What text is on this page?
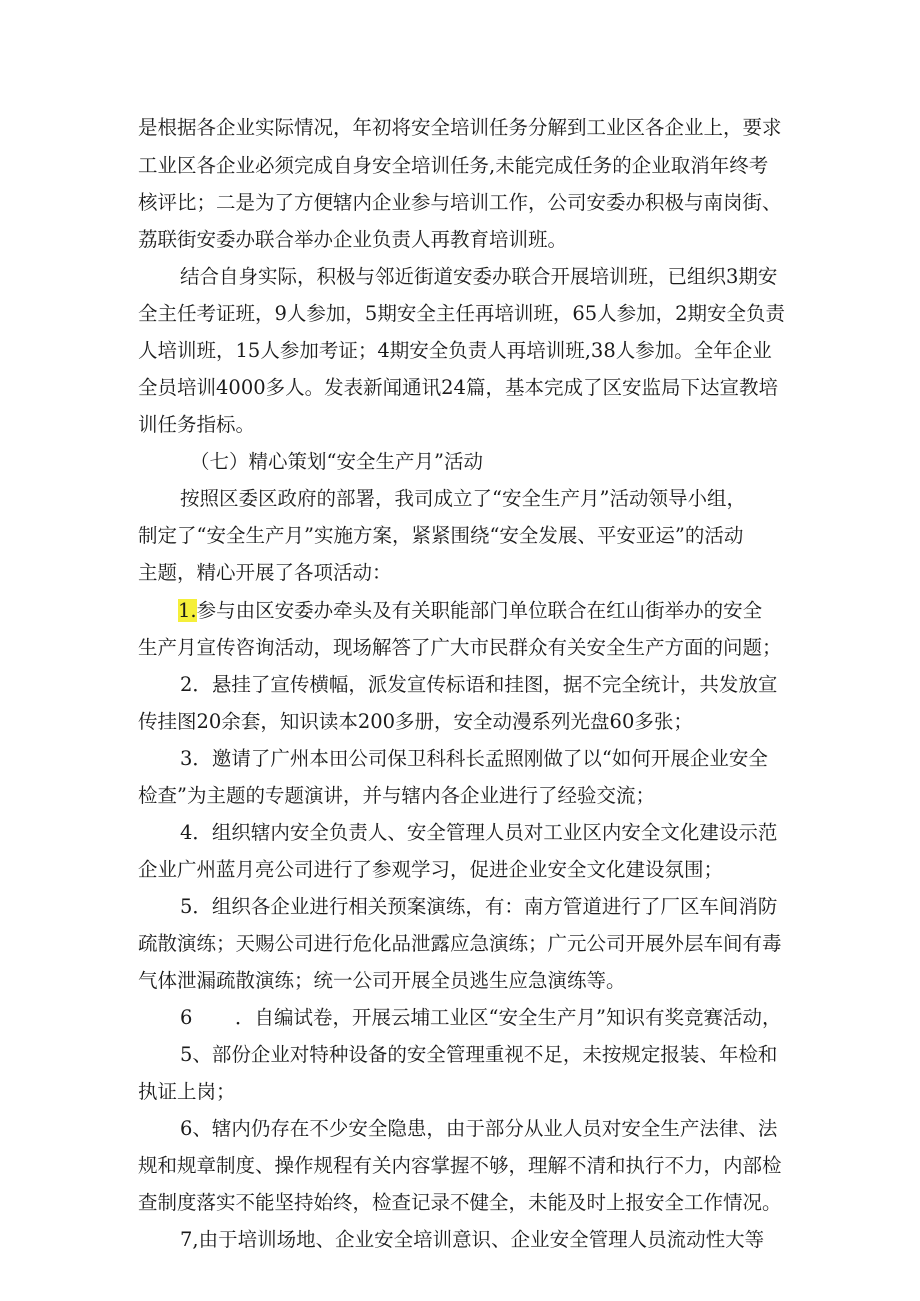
是根据各企业实际情况，年初将安全培训任务分解到工业区各企业上，要求
工业区各企业必须完成自身安全培训任务,未能完成任务的企业取消年终考
核评比；二是为了方便辖内企业参与培训工作，公司安委办积极与南岗街、
荔联街安委办联合举办企业负责人再教育培训班。
结合自身实际，积极与邻近街道安委办联合开展培训班，已组织3期安
全主任考证班，9人参加，5期安全主任再培训班，65人参加，2期安全负责
人培训班，15人参加考证；4期安全负责人再培训班,38人参加。全年企业
全员培训4000多人。发表新闻通讯24篇，基本完成了区安监局下达宣教培
训任务指标。
（七）精心策划“安全生产月”活动
按照区委区政府的部署，我司成立了“安全生产月”活动领导小组，
制定了“安全生产月”实施方案，紧紧围绕“安全发展、平安亚运”的活动
主题，精心开展了各项活动：
1.参与由区安委办牵头及有关职能部门单位联合在红山街举办的安全
生产月宣传咨询活动，现场解答了广大市民群众有关安全生产方面的问题；
2．悬挂了宣传横幅，派发宣传标语和挂图，据不完全统计，共发放宣
传挂图20余套，知识读本200多册，安全动漫系列光盘60多张；
3．邀请了广州本田公司保卫科科长孟照刚做了以“如何开展企业安全
检查”为主题的专题演讲，并与辖内各企业进行了经验交流；
4．组织辖内安全负责人、安全管理人员对工业区内安全文化建设示范
企业广州蓝月亮公司进行了参观学习，促进企业安全文化建设氛围；
5．组织各企业进行相关预案演练，有：南方管道进行了厂区车间消防
疏散演练；天赐公司进行危化品泄露应急演练；广元公司开展外层车间有毒
气体泄漏疏散演练；统一公司开展全员逃生应急演练等。
6	．自编试卷，开展云埔工业区“安全生产月”知识有奖竞赛活动，
5、部份企业对特种设备的安全管理重视不足，未按规定报装、年检和
执证上岗；
6、辖内仍存在不少安全隐患，由于部分从业人员对安全生产法律、法
规和规章制度、操作规程有关内容掌握不够，理解不清和执行不力，内部检
查制度落实不能坚持始终，检查记录不健全，未能及时上报安全工作情况。
7,由于培训场地、企业安全培训意识、企业安全管理人员流动性大等
